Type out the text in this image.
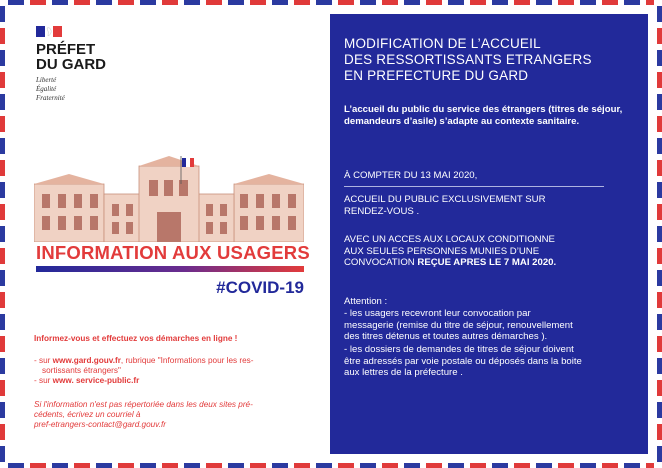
PRÉFET
DU GARD
Liberté
Égalité
Fraternité
INFORMATION AUX USAGERS
#COVID-19
Informez-vous et effectuez vos démarches en ligne !
- sur www.gard.gouv.fr, rubrique "Informations pour les res-
sortissants étrangers"
- sur www. service-public.fr
Si l'information n'est pas répertoriée dans les deux sites pré-
cédents, écrivez un courriel à
pref-etrangers-contact@gard.gouv.fr
MODIFICATION DE L’ACCUEIL
DES RESSORTISSANTS ETRANGERS
EN PREFECTURE DU GARD
L’accueil du public du service des étrangers (titres de séjour, demandeurs d’asile) s’adapte au contexte sanitaire.
À COMPTER DU 13 MAI 2020,
ACCUEIL DU PUBLIC EXCLUSIVEMENT SUR
RENDEZ-VOUS .
AVEC UN ACCES AUX LOCAUX CONDITIONNE
AUX SEULES PERSONNES MUNIES D’UNE
CONVOCATION REÇUE APRES LE 7 MAI 2020.
Attention :
- les usagers recevront leur convocation par
messagerie (remise du titre de séjour, renouvellement
des titres détenus et toutes autres démarches ).
- les dossiers de demandes de titres de séjour doivent
être adressés par voie postale ou déposés dans la boite
aux lettres de la préfecture .
